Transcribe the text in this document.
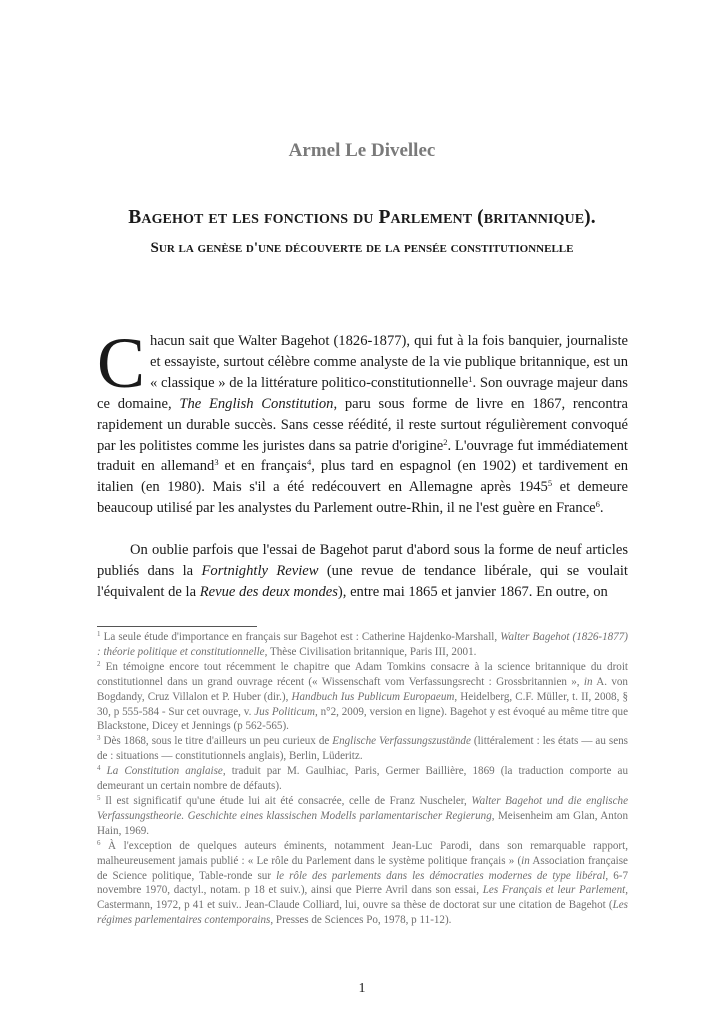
Armel Le Divellec
Bagehot et les fonctions du Parlement (britannique).
Sur la genèse d'une découverte de la pensée constitutionnelle

Chacun sait que Walter Bagehot (1826-1877), qui fut à la fois banquier, journaliste et essayiste, surtout célèbre comme analyste de la vie publique britannique, est un « classique » de la littérature politico-constitutionnelle$^1$. Son ouvrage majeur dans ce domaine, The English Constitution, paru sous forme de livre en 1867, rencontra rapidement un durable succès. Sans cesse réédité, il reste surtout régulièrement convoqué par les politistes comme les juristes dans sa patrie d'origine$^2$. L'ouvrage fut immédiatement traduit en allemand$^3$ et en français$^4$, plus tard en espagnol (en 1902) et tardivement en italien (en 1980). Mais s'il a été redécouvert en Allemagne après 1945$^5$ et demeure beaucoup utilisé par les analystes du Parlement outre-Rhin, il ne l'est guère en France$^6$.

On oublie parfois que l'essai de Bagehot parut d'abord sous la forme de neuf articles publiés dans la Fortnightly Review (une revue de tendance libérale, qui se voulait l'équivalent de la Revue des deux mondes), entre mai 1865 et janvier 1867. En outre, on

$^1$ La seule étude d'importance en français sur Bagehot est : Catherine Hajdenko-Marshall, Walter Bagehot (1826-1877) : théorie politique et constitutionnelle, Thèse Civilisation britannique, Paris III, 2001.

$^2$ En témoigne encore tout récemment le chapitre que Adam Tomkins consacre à la science britannique du droit constitutionnel dans un grand ouvrage récent (« Wissenschaft vom Verfassungsrecht : Grossbritannien », in A. von Bogdandy, Cruz Villalon et P. Huber (dir.), Handbuch Ius Publicum Europaeum, Heidelberg, C.F. Müller, t. II, 2008, § 30, p 555-584 - Sur cet ouvrage, v. Jus Politicum, n°2, 2009, version en ligne). Bagehot y est évoqué au même titre que Blackstone, Dicey et Jennings (p 562-565).

$^3$ Dès 1868, sous le titre d'ailleurs un peu curieux de Englische Verfassungszustände (littéralement : les états — au sens de : situations — constitutionnels anglais), Berlin, Lüderitz.

$^4$ La Constitution anglaise, traduit par M. Gaulhiac, Paris, Germer Baillière, 1869 (la traduction comporte au demeurant un certain nombre de défauts).

$^5$ Il est significatif qu'une étude lui ait été consacrée, celle de Franz Nuscheler, Walter Bagehot und die englische Verfassungstheorie. Geschichte eines klassischen Modells parlamentarischer Regierung, Meisenheim am Glan, Anton Hain, 1969.

$^6$ À l'exception de quelques auteurs éminents, notamment Jean-Luc Parodi, dans son remarquable rapport, malheureusement jamais publié : « Le rôle du Parlement dans le système politique français » (in Association française de Science politique, Table-ronde sur le rôle des parlements dans les démocraties modernes de type libéral, 6-7 novembre 1970, dactyl., notam. p 18 et suiv.), ainsi que Pierre Avril dans son essai, Les Français et leur Parlement, Castermann, 1972, p 41 et suiv.. Jean-Claude Colliard, lui, ouvre sa thèse de doctorat sur une citation de Bagehot (Les régimes parlementaires contemporains, Presses de Sciences Po, 1978, p 11-12).

1
